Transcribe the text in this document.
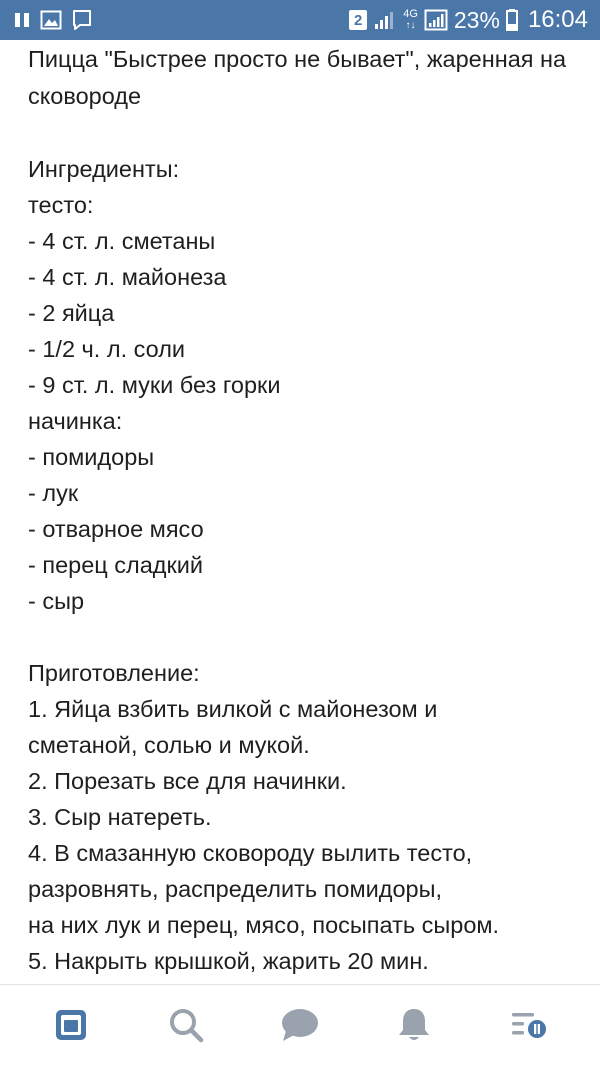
2	4G
↑↓ 23% 16:04
Пицца "Быстрее просто не бывает", жаренная на сковороде
Ингредиенты:
тесто:
- 4 ст. л. сметаны
- 4 ст. л. майонеза
- 2 яйца
- 1/2 ч. л. соли
- 9 ст. л. муки без горки
начинка:
- помидоры
- лук
- отварное мясо
- перец сладкий
- сыр
Приготовление:
1. Яйца взбить вилкой с майонезом и
сметаной, солью и мукой.
2. Порезать все для начинки.
3. Сыр натереть.
4. В смазанную сковороду вылить тесто,
разровнять, распределить помидоры,
на них лук и перец, мясо, посыпать сыром.
5. Накрыть крышкой, жарить 20 мин.
